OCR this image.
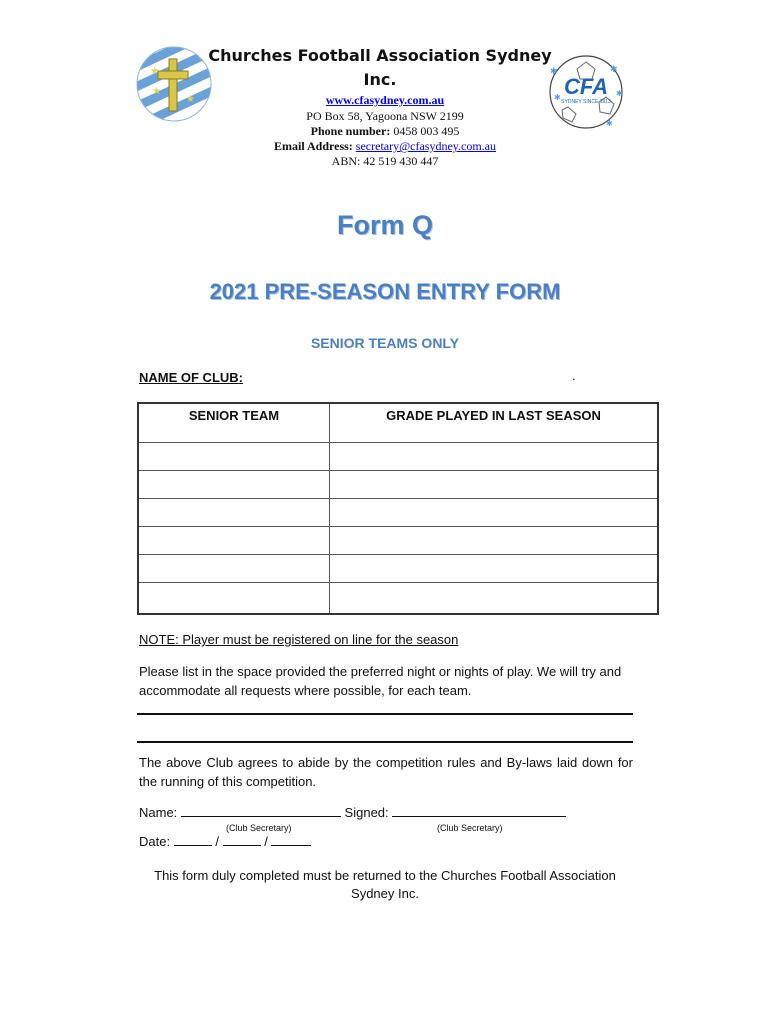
★
★
★
✱	✱
✱
✱
✱
CFA
SYDNEY SINCE 1913
Churches Football Association Sydney
Inc.
www.cfasydney.com.au
PO Box 58, Yagoona NSW 2199
Phone number: 0458 003 495
Email Address: secretary@cfasydney.com.au
ABN: 42 519 430 447
Form Q
2021 PRE-SEASON ENTRY FORM
SENIOR TEAMS ONLY
NAME OF CLUB:	.
SENIOR TEAM	GRADE PLAYED IN LAST SEASON

NOTE: Player must be registered on line for the season
Please list in the space provided the preferred night or nights of play. We will try and accommodate all requests where possible, for each team.
The above Club agrees to abide by the competition rules and By-laws laid down for the running of this competition.
Name:	Signed:
(Club Secretary)	(Club Secretary)
Date:	/	/
This form duly completed must be returned to the Churches Football Association Sydney Inc.
